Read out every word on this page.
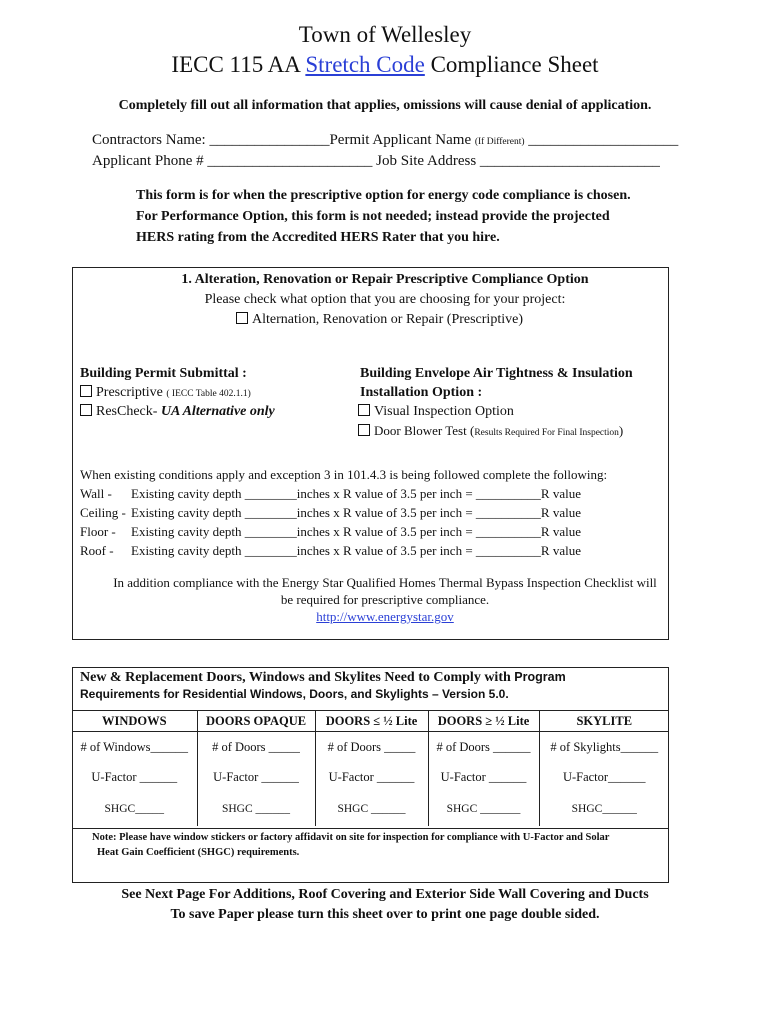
Town of Wellesley
IECC 115 AA Stretch Code Compliance Sheet
Completely fill out all information that applies, omissions will cause denial of application.
Contractors Name: ________________Permit Applicant Name (If Different) ____________________
Applicant Phone # ______________________ Job Site Address ________________________
This form is for when the prescriptive option for energy code compliance is chosen.
For Performance Option, this form is not needed; instead provide the projected
HERS rating from the Accredited HERS Rater that you hire.
1. Alteration, Renovation or Repair Prescriptive Compliance Option
Please check what option that you are choosing for your project:
Alternation, Renovation or Repair (Prescriptive)
Building Permit Submittal :
Prescriptive ( IECC Table 402.1.1)
ResCheck- UA Alternative only
Building Envelope Air Tightness & Insulation
Installation Option :
Visual Inspection Option
Door Blower Test (Results Required For Final Inspection)
When existing conditions apply and exception 3 in 101.4.3 is being followed complete the following:
Wall -Existing cavity depth ________inches x R value of 3.5 per inch = __________R value
Ceiling -Existing cavity depth ________inches x R value of 3.5 per inch = __________R value
Floor -Existing cavity depth ________inches x R value of 3.5 per inch = __________R value
Roof -Existing cavity depth ________inches x R value of 3.5 per inch = __________R value
In addition compliance with the Energy Star Qualified Homes Thermal Bypass Inspection Checklist will
be required for prescriptive compliance.
http://www.energystar.gov
New & Replacement Doors, Windows and Skylites Need to Comply with Program
Requirements for Residential Windows, Doors, and Skylights – Version 5.0.
WINDOWS	DOORS OPAQUE	DOORS ≤ ½ Lite	DOORS ≥ ½ Lite	SKYLITE
# of Windows______	# of Doors _____	# of Doors _____	# of Doors ______	# of Skylights______
U-Factor ______	U-Factor ______	U-Factor ______	U-Factor ______	U-Factor______
SHGC_____	SHGC ______	SHGC ______	SHGC _______	SHGC______
Note: Please have window stickers or factory affidavit on site for inspection for compliance with U-Factor and Solar
Heat Gain Coefficient (SHGC) requirements.
See Next Page For Additions, Roof Covering and Exterior Side Wall Covering and Ducts
To save Paper please turn this sheet over to print one page double sided.
